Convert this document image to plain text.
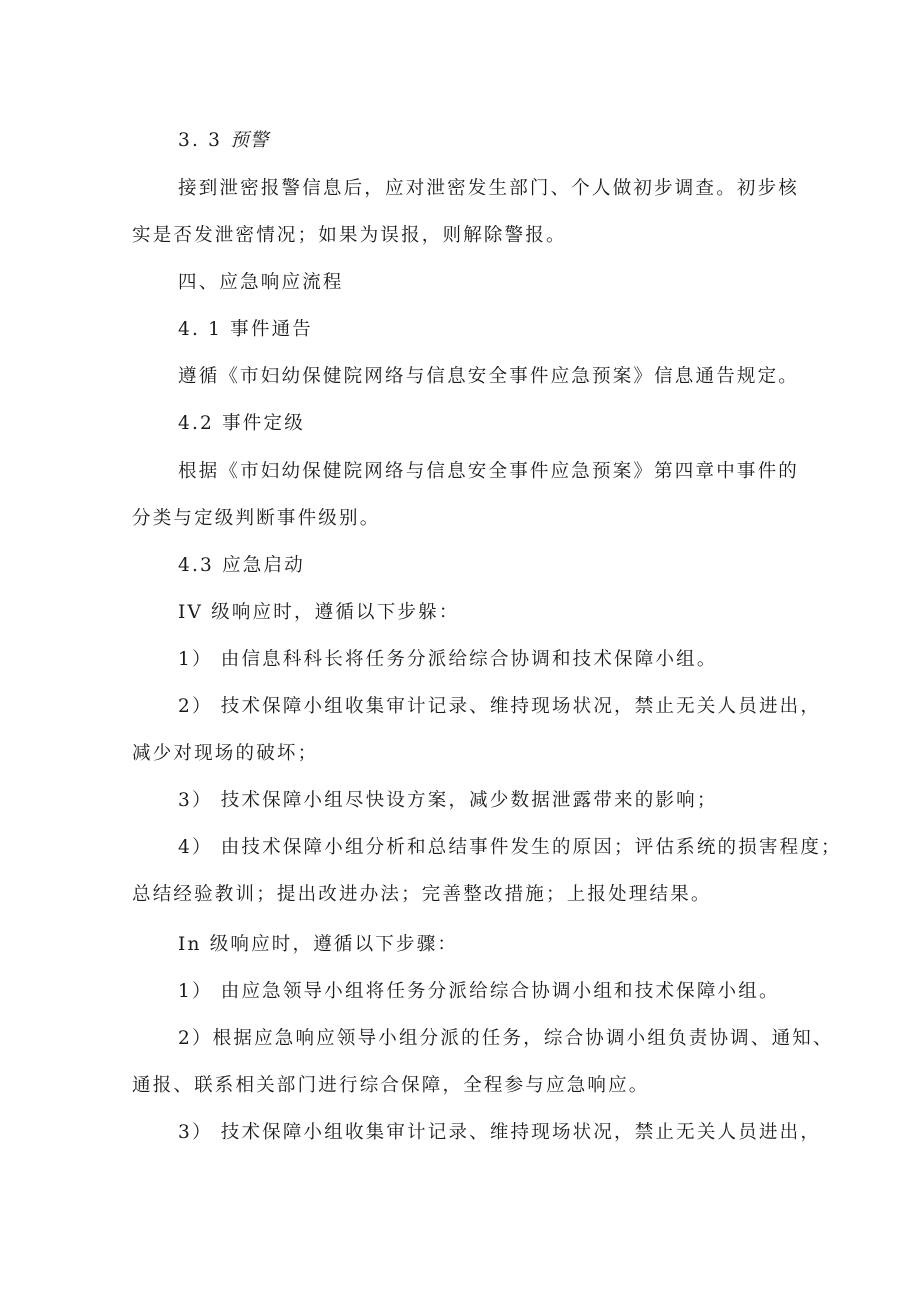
3. 3 预警
接到泄密报警信息后，应对泄密发生部门、个人做初步调查。初步核
实是否发泄密情况；如果为误报，则解除警报。
四、应急响应流程
4. 1 事件通告
遵循《市妇幼保健院网络与信息安全事件应急预案》信息通告规定。
4.2 事件定级
根据《市妇幼保健院网络与信息安全事件应急预案》第四章中事件的
分类与定级判断事件级别。
4.3 应急启动
IV 级响应时，遵循以下步躲：
1） 由信息科科长将任务分派给综合协调和技术保障小组。
2） 技术保障小组收集审计记录、维持现场状况，禁止无关人员进出，
减少对现场的破坏；
3） 技术保障小组尽快设方案，减少数据泄露带来的影响；
4） 由技术保障小组分析和总结事件发生的原因；评估系统的损害程度；
总结经验教训；提出改进办法；完善整改措施；上报处理结果。
In 级响应时，遵循以下步骤：
1） 由应急领导小组将任务分派给综合协调小组和技术保障小组。
2）根据应急响应领导小组分派的任务，综合协调小组负责协调、通知、
通报、联系相关部门进行综合保障，全程参与应急响应。
3） 技术保障小组收集审计记录、维持现场状况，禁止无关人员进出，
